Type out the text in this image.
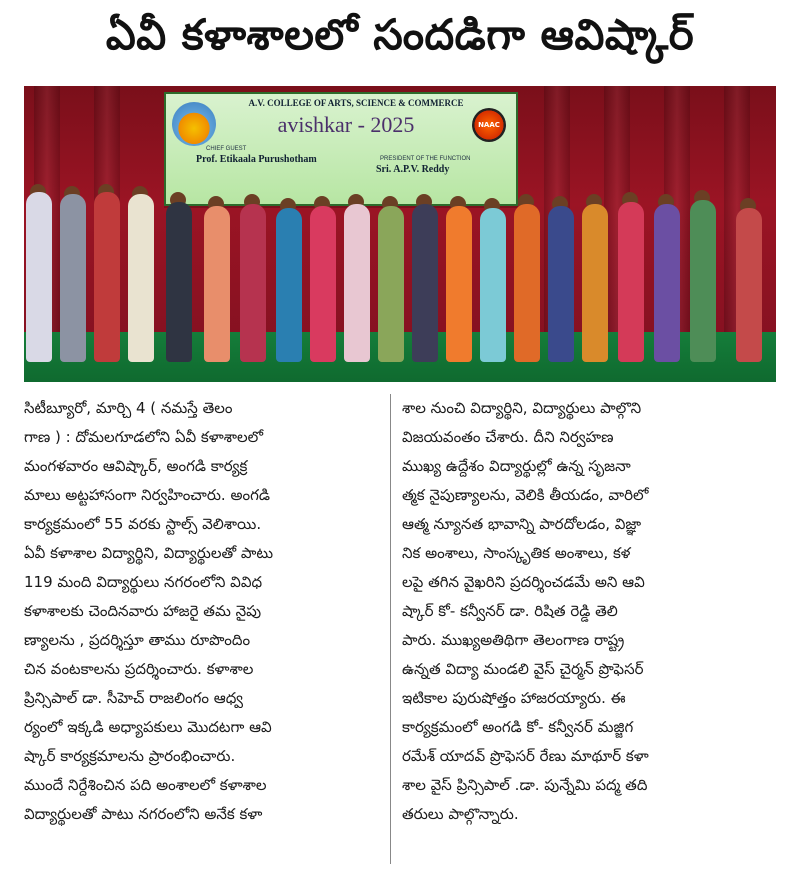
ఏవీ కళాశాలలో సందడిగా ఆవిష్కార్
A.V. COLLEGE OF ARTS, SCIENCE & COMMERCE
avishkar - 2025	NAAC
CHIEF GUEST
Prof. Etikaala Purushotham	PRESIDENT OF THE FUNCTION
Sri. A.P.V. Reddy
సిటీబ్యూరో, మార్చి 4 ( నమస్తే తెలం
గాణ ) : దోమలగూడలోని ఏవీ కళాశాలలో
మంగళవారం ఆవిష్కార్, అంగడి కార్యక్ర
మాలు అట్టహాసంగా నిర్వహించారు. అంగడి
కార్యక్రమంలో 55 వరకు స్టాల్స్ వెలిశాయి.
ఏవీ కళాశాల విద్యార్థిని, విద్యార్థులతో పాటు
119 మంది విద్యార్థులు నగరంలోని వివిధ
కళాశాలకు చెందినవారు హాజరై తమ నైపు
ణ్యాలను , ప్రదర్శిస్తూ తాము రూపొందిం
చిన వంటకాలను ప్రదర్శించారు. కళాశాల
ప్రిన్సిపాల్ డా. సీహెచ్ రాజలింగం ఆధ్వ
ర్యంలో ఇక్కడి అధ్యాపకులు మొదటగా ఆవి
ష్కార్ కార్యక్రమాలను ప్రారంభించారు.
ముందే నిర్దేశించిన పది అంశాలలో కళాశాల
విద్యార్థులతో పాటు నగరంలోని అనేక కళా
శాల నుంచి విద్యార్థిని, విద్యార్థులు పాల్గొని
విజయవంతం చేశారు. దీని నిర్వహణ
ముఖ్య ఉద్దేశం విద్యార్థుల్లో ఉన్న సృజనా
త్మక నైపుణ్యాలను, వెలికి తీయడం, వారిలో
ఆత్మ న్యూనత భావాన్ని పారదోలడం, విజ్ఞా
నిక అంశాలు, సాంస్కృతిక అంశాలు, కళ
లపై తగిన వైఖరిని ప్రదర్శించడమే అని ఆవి
ష్కార్ కో- కన్వీనర్ డా. రిషిత రెడ్డి తెలి
పారు. ముఖ్యఅతిథిగా తెలంగాణ రాష్ట్ర
ఉన్నత విద్యా మండలి వైస్ చైర్మన్ ప్రొఫెసర్
ఇటికాల పురుషోత్తం హాజరయ్యారు. ఈ
కార్యక్రమంలో అంగడి కో- కన్వీనర్ మజ్జిగ
రమేశ్ యాదవ్ ప్రొఫెసర్ రేణు మాథూర్ కళా
శాల వైస్ ప్రిన్సిపాల్ .డా. పున్నేమి పద్మ తది
తరులు పాల్గొన్నారు.
